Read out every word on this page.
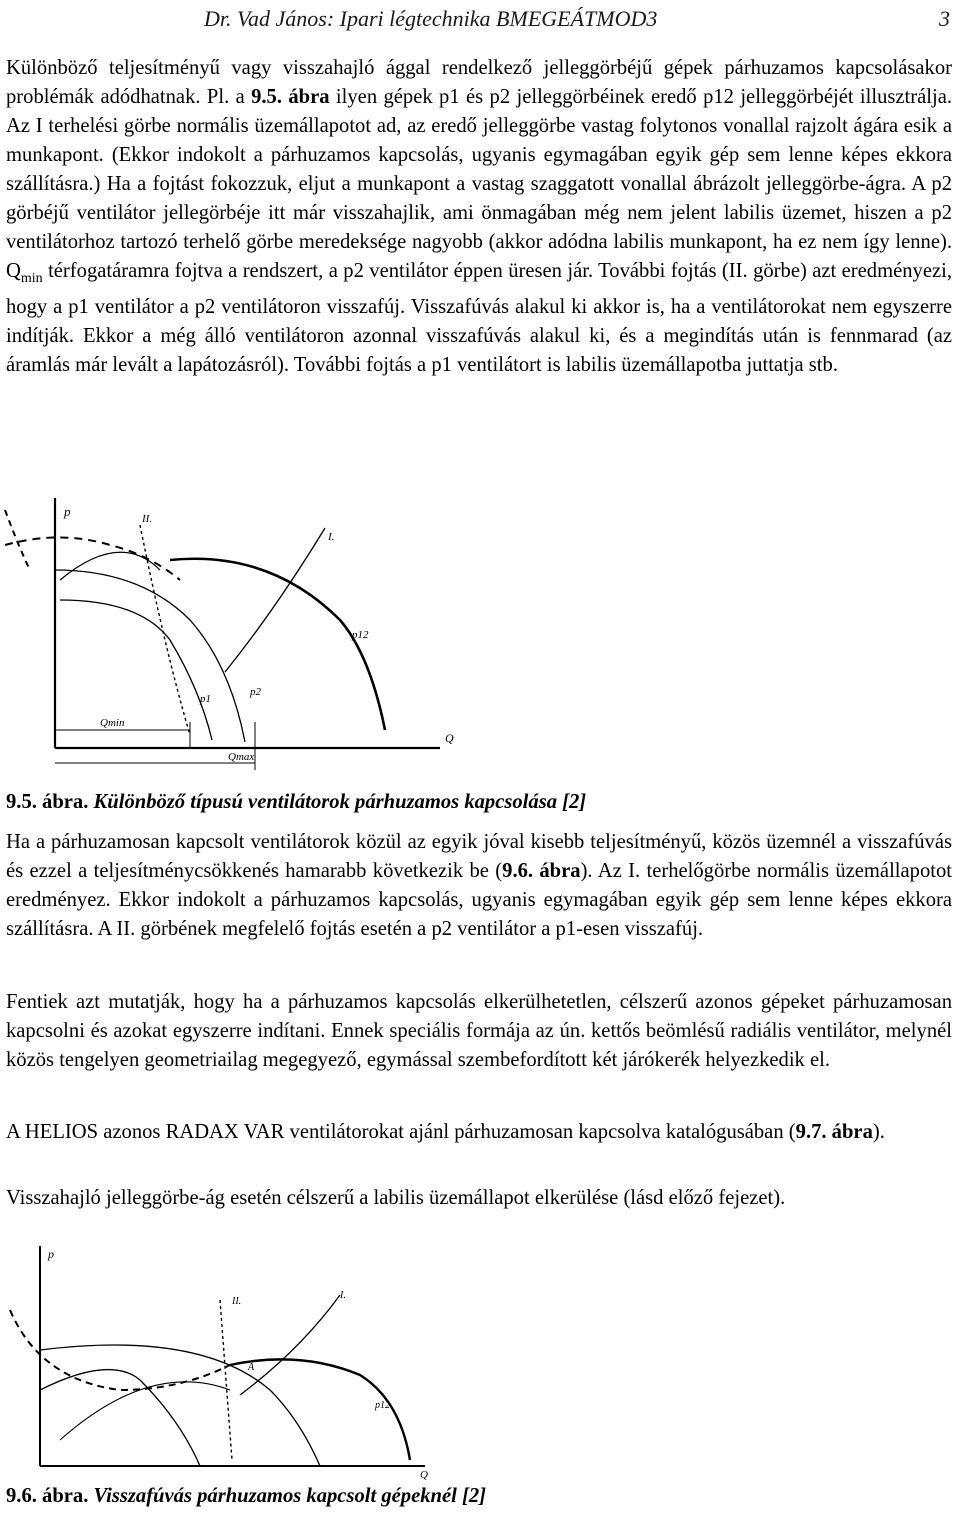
Dr. Vad János: Ipari légtechnika BMEGEÁTMOD3	3

Különböző teljesítményű vagy visszahajló ággal rendelkező jelleggörbéjű gépek párhuzamos kapcsolásakor problémák adódhatnak. Pl. a 9.5. ábra ilyen gépek p1 és p2 jelleggörbéinek eredő p12 jelleggörbéjét illusztrálja. Az I terhelési görbe normális üzemállapotot ad, az eredő jelleggörbe vastag folytonos vonallal rajzolt ágára esik a munkapont. (Ekkor indokolt a párhuzamos kapcsolás, ugyanis egymagában egyik gép sem lenne képes ekkora szállításra.) Ha a fojtást fokozzuk, eljut a munkapont a vastag szaggatott vonallal ábrázolt jelleggörbe-ágra. A p2 görbéjű ventilátor jellegörbéje itt már visszahajlik, ami önmagában még nem jelent labilis üzemet, hiszen a p2 ventilátorhoz tartozó terhelő görbe meredeksége nagyobb (akkor adódna labilis munkapont, ha ez nem így lenne). $Q_{min}$ térfogatáramra fojtva a rendszert, a p2 ventilátor éppen üresen jár. További fojtás (II. görbe) azt eredményezi, hogy a p1 ventilátor a p2 ventilátoron visszafúj. Visszafúvás alakul ki akkor is, ha a ventilátorokat nem egyszerre indítják. Ekkor a még álló ventilátoron azonnal visszafúvás alakul ki, és a megindítás után is fennmarad (az áramlás már levált a lapátozásról). További fojtás a p1 ventilátort is labilis üzemállapotba juttatja stb.

p	II.
I.
p12
p1
p2
Q
Qmin
Qmax
9.5. ábra. Különböző típusú ventilátorok párhuzamos kapcsolása [2]

Ha a párhuzamosan kapcsolt ventilátorok közül az egyik jóval kisebb teljesítményű, közös üzemnél a visszafúvás és ezzel a teljesítménycsökkenés hamarabb következik be (9.6. ábra). Az I. terhelőgörbe normális üzemállapotot eredményez. Ekkor indokolt a párhuzamos kapcsolás, ugyanis egymagában egyik gép sem lenne képes ekkora szállításra. A II. görbének megfelelő fojtás esetén a p2 ventilátor a p1-esen visszafúj.

Fentiek azt mutatják, hogy ha a párhuzamos kapcsolás elkerülhetetlen, célszerű azonos gépeket párhuzamosan kapcsolni és azokat egyszerre indítani. Ennek speciális formája az ún. kettős beömlésű radiális ventilátor, melynél közös tengelyen geometriailag megegyező, egymással szembefordított két járókerék helyezkedik el.

A HELIOS azonos RADAX VAR ventilátorokat ajánl párhuzamosan kapcsolva katalógusában (9.7. ábra).

Visszahajló jelleggörbe-ág esetén célszerű a labilis üzemállapot elkerülése (lásd előző fejezet).

p
II.
I.
A
p12
Q
9.6. ábra. Visszafúvás párhuzamos kapcsolt gépeknél [2]
